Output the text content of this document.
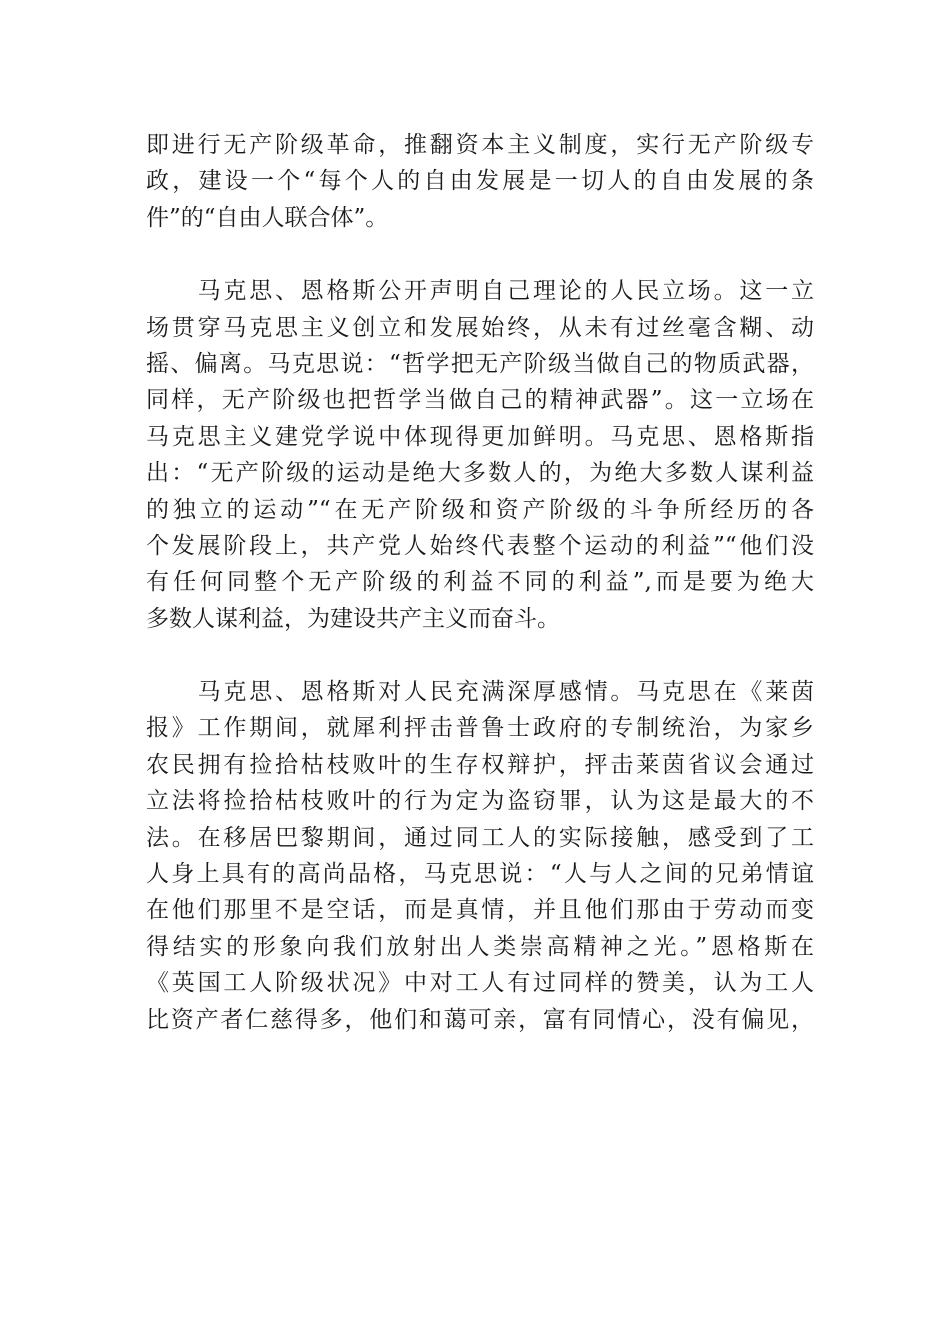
即进行无产阶级革命，推翻资本主义制度，实行无产阶级专
政，建设一个“每个人的自由发展是一切人的自由发展的条
件”的“自由人联合体”。
　　马克思、恩格斯公开声明自己理论的人民立场。这一立
场贯穿马克思主义创立和发展始终，从未有过丝毫含糊、动
摇、偏离。马克思说：“哲学把无产阶级当做自己的物质武器，
同样，无产阶级也把哲学当做自己的精神武器”。这一立场在
马克思主义建党学说中体现得更加鲜明。马克思、恩格斯指
出：“无产阶级的运动是绝大多数人的，为绝大多数人谋利益
的独立的运动”“在无产阶级和资产阶级的斗争所经历的各
个发展阶段上，共产党人始终代表整个运动的利益”“他们没
有任何同整个无产阶级的利益不同的利益”,而是要为绝大
多数人谋利益，为建设共产主义而奋斗。
　　马克思、恩格斯对人民充满深厚感情。马克思在《莱茵
报》工作期间，就犀利抨击普鲁士政府的专制统治，为家乡
农民拥有捡拾枯枝败叶的生存权辩护，抨击莱茵省议会通过
立法将捡拾枯枝败叶的行为定为盗窃罪，认为这是最大的不
法。在移居巴黎期间，通过同工人的实际接触，感受到了工
人身上具有的高尚品格，马克思说：“人与人之间的兄弟情谊
在他们那里不是空话，而是真情，并且他们那由于劳动而变
得结实的形象向我们放射出人类崇高精神之光。”恩格斯在
《英国工人阶级状况》中对工人有过同样的赞美，认为工人
比资产者仁慈得多，他们和蔼可亲，富有同情心，没有偏见，
